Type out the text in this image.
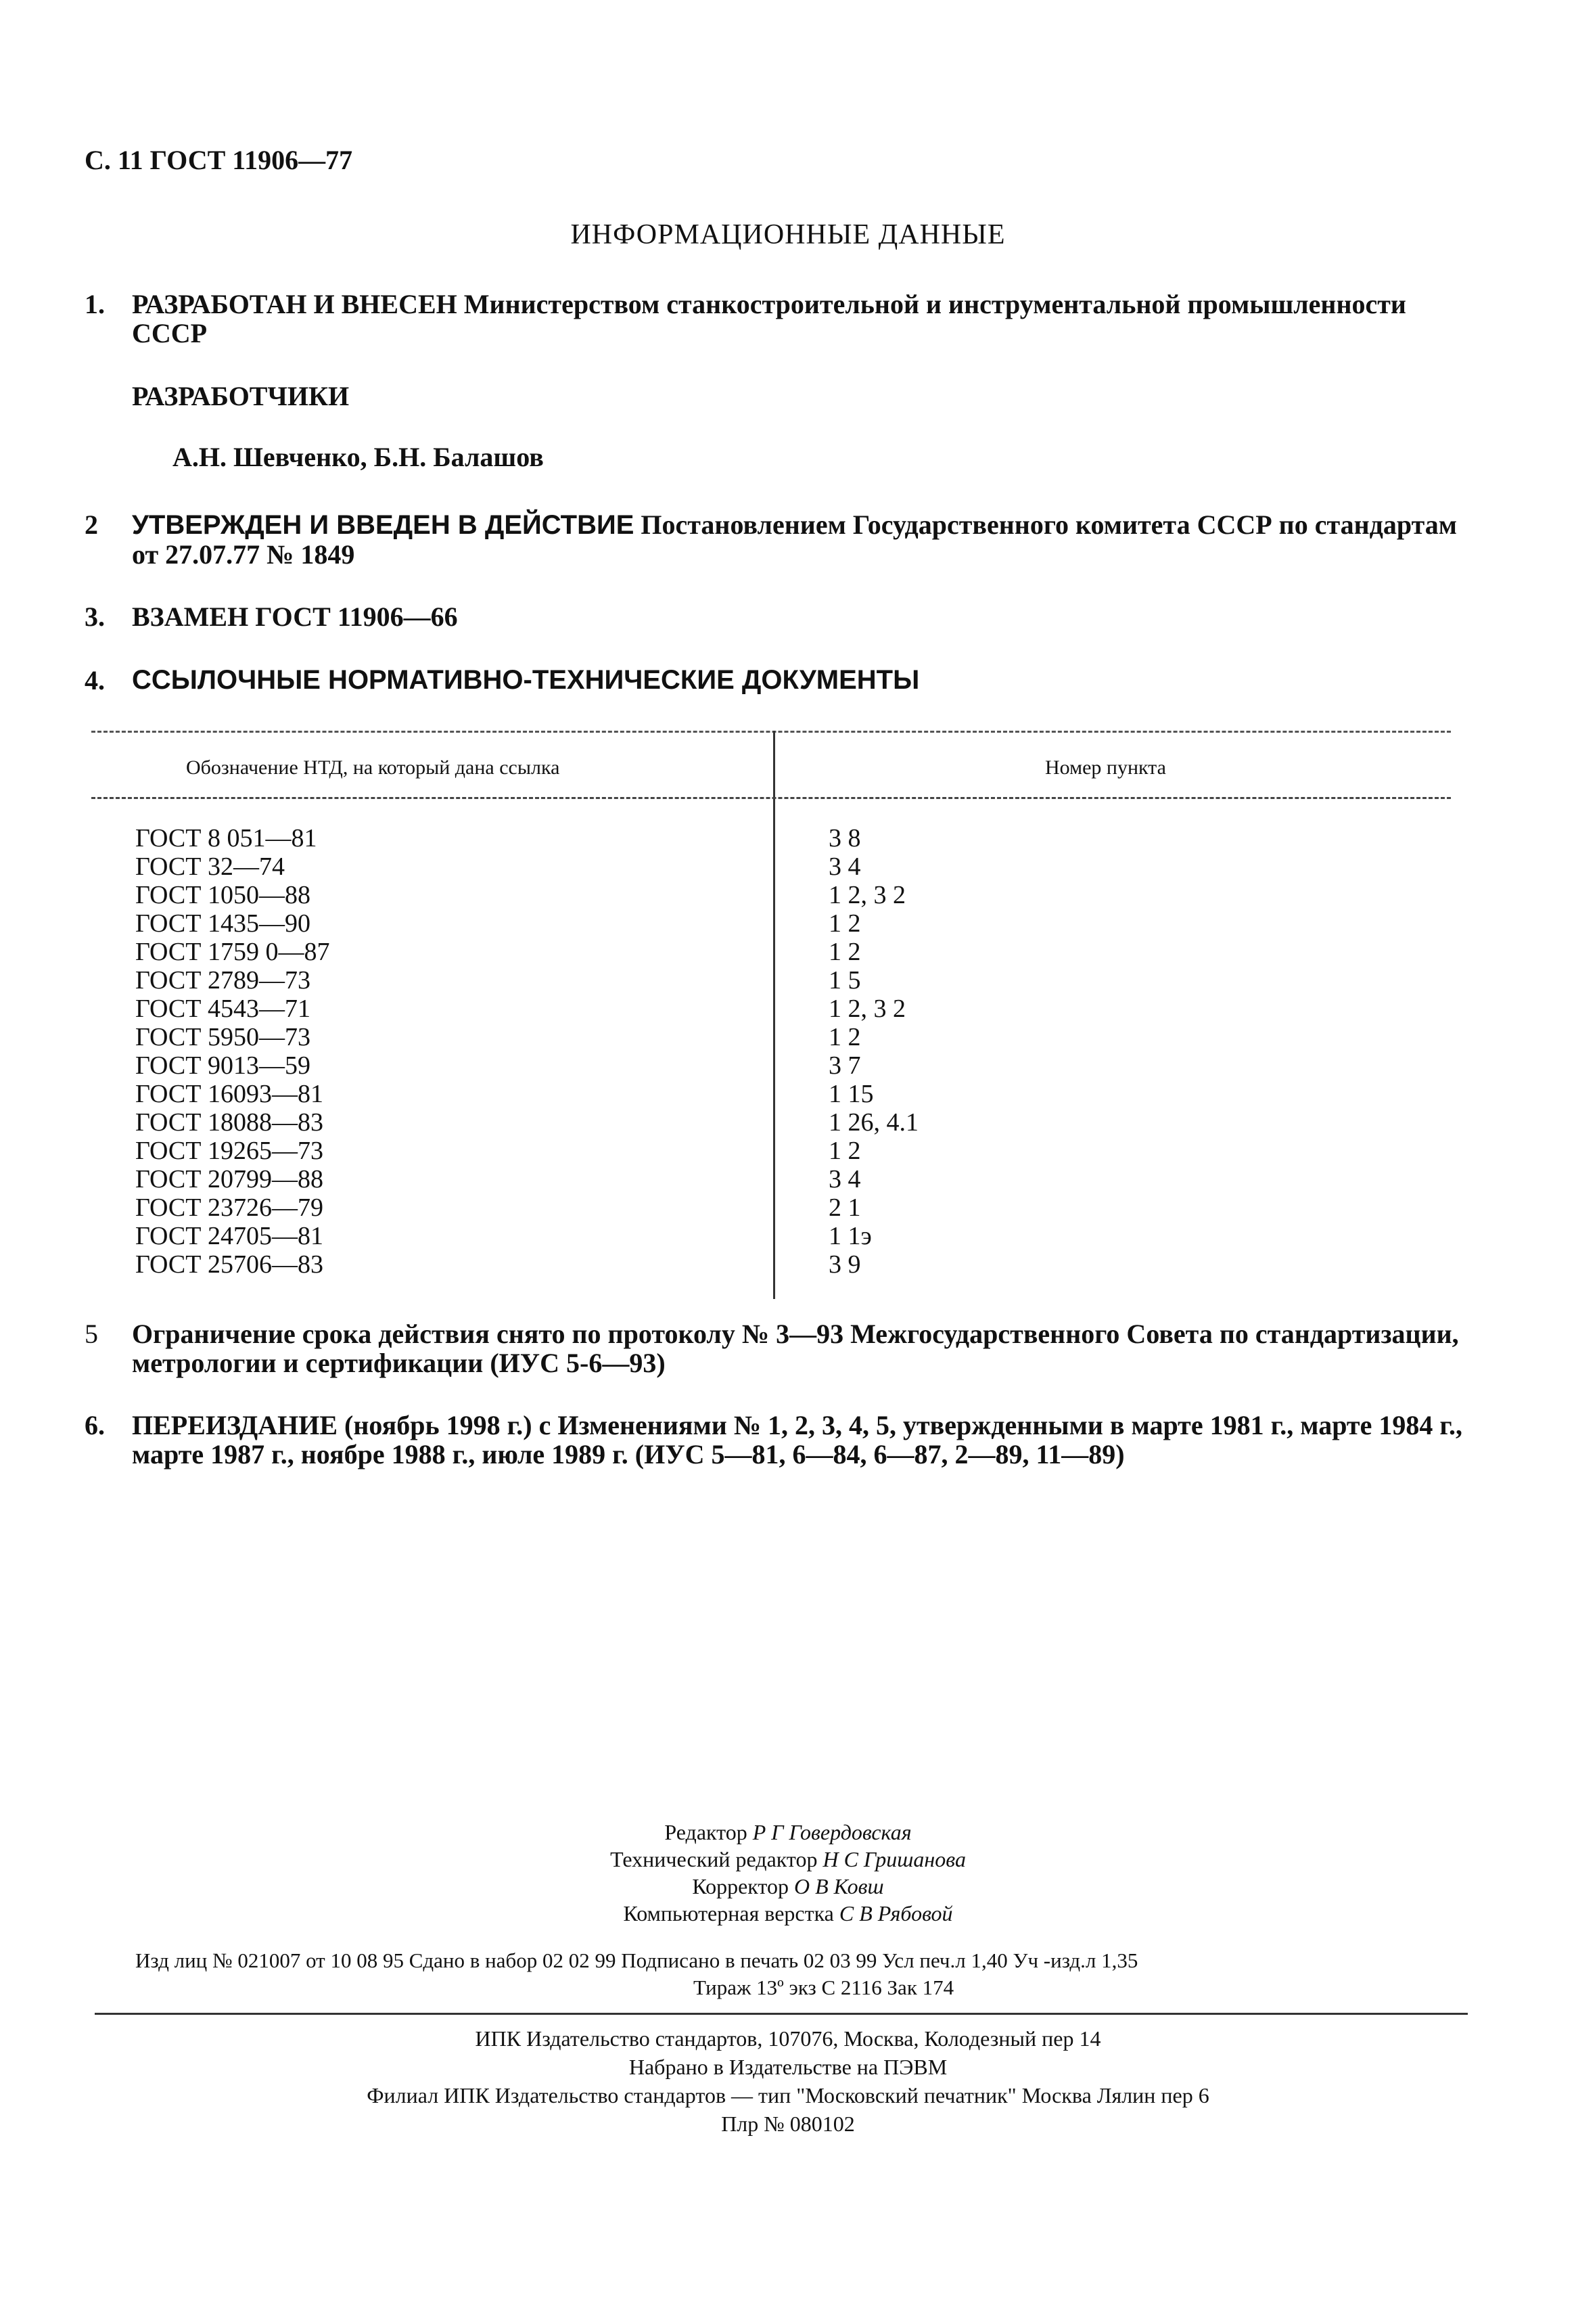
С. 11 ГОСТ 11906—77
ИНФОРМАЦИОННЫЕ ДАННЫЕ
1. РАЗРАБОТАН И ВНЕСЕН Министерством станкостроительной и инструментальной промышленности СССР
РАЗРАБОТЧИКИ
А.Н. Шевченко, Б.Н. Балашов
2 УТВЕРЖДЕН И ВВЕДЕН В ДЕЙСТВИЕ Постановлением Государственного комитета СССР по стандартам от 27.07.77 № 1849
3. ВЗАМЕН ГОСТ 11906—66
4. ССЫЛОЧНЫЕ НОРМАТИВНО-ТЕХНИЧЕСКИЕ ДОКУМЕНТЫ
Обозначение НТД, на который дана ссылка	Номер пункта
ГОСТ 8 051—81	3 8
ГОСТ 32—74	3 4
ГОСТ 1050—88	1 2, 3 2
ГОСТ 1435—90	1 2
ГОСТ 1759 0—87	1 2
ГОСТ 2789—73	1 5
ГОСТ 4543—71	1 2, 3 2
ГОСТ 5950—73	1 2
ГОСТ 9013—59	3 7
ГОСТ 16093—81	1 15
ГОСТ 18088—83	1 26, 4.1
ГОСТ 19265—73	1 2
ГОСТ 20799—88	3 4
ГОСТ 23726—79	2 1
ГОСТ 24705—81	1 1э
ГОСТ 25706—83	3 9
5 Ограничение срока действия снято по протоколу № 3—93 Межгосударственного Совета по стандартизации, метрологии и сертификации (ИУС 5-6—93)
6. ПЕРЕИЗДАНИЕ (ноябрь 1998 г.) с Изменениями № 1, 2, 3, 4, 5, утвержденными в марте 1981 г., марте 1984 г., марте 1987 г., ноябре 1988 г., июле 1989 г. (ИУС 5—81, 6—84, 6—87, 2—89, 11—89)
Редактор Р Г Говердовская
Технический редактор Н С Гришанова
Корректор О В Ковш
Компьютерная верстка С В Рябовой
Изд лиц № 021007 от 10 08 95 Сдано в набор 02 02 99 Подписано в печать 02 03 99 Усл печ.л 1,40 Уч -изд.л 1,35
Тираж 13º экз С 2116 Зак 174
ИПК Издательство стандартов, 107076, Москва, Колодезный пер 14
Набрано в Издательстве на ПЭВМ
Филиал ИПК Издательство стандартов — тип "Московский печатник" Москва Лялин пер 6
Плр № 080102
